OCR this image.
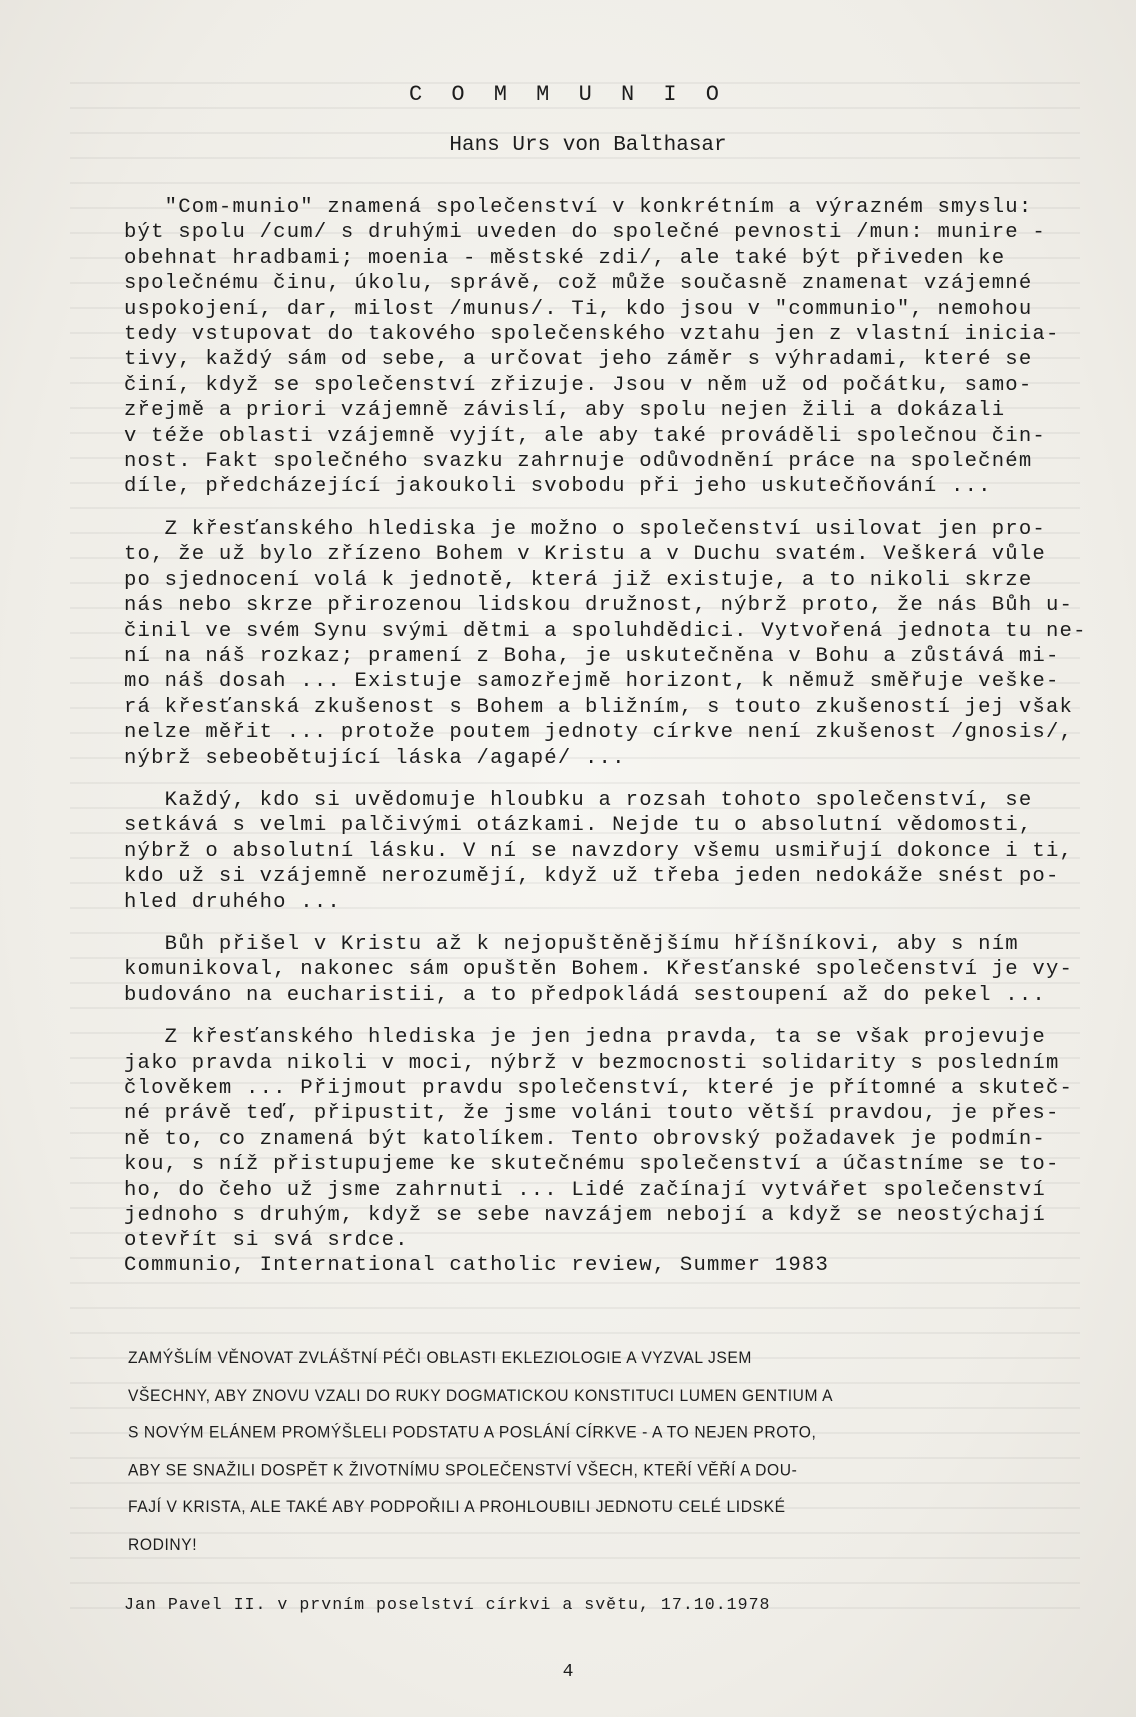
C O M M U N I O
Hans Urs von Balthasar
"Com-munio" znamená společenství v konkrétním a výrazném smyslu:
být spolu /cum/ s druhými uveden do společné pevnosti /mun: munire -
obehnat hradbami; moenia - městské zdi/, ale také být přiveden ke
společnému činu, úkolu, správě, což může současně znamenat vzájemné
uspokojení, dar, milost /munus/. Ti, kdo jsou v "communio", nemohou
tedy vstupovat do takového společenského vztahu jen z vlastní inicia-
tivy, každý sám od sebe, a určovat jeho záměr s výhradami, které se
činí, když se společenství zřizuje. Jsou v něm už od počátku, samo-
zřejmě a priori vzájemně závislí, aby spolu nejen žili a dokázali
v téže oblasti vzájemně vyjít, ale aby také prováděli společnou čin-
nost. Fakt společného svazku zahrnuje odůvodnění práce na společném
díle, předcházející jakoukoli svobodu při jeho uskutečňování ...
Z křesťanského hlediska je možno o společenství usilovat jen pro-
to, že už bylo zřízeno Bohem v Kristu a v Duchu svatém. Veškerá vůle
po sjednocení volá k jednotě, která již existuje, a to nikoli skrze
nás nebo skrze přirozenou lidskou družnost, nýbrž proto, že nás Bůh u-
činil ve svém Synu svými dětmi a spoluhdědici. Vytvořená jednota tu ne-
ní na náš rozkaz; pramení z Boha, je uskutečněna v Bohu a zůstává mi-
mo náš dosah ... Existuje samozřejmě horizont, k němuž směřuje veške-
rá křesťanská zkušenost s Bohem a bližním, s touto zkušeností jej však
nelze měřit ... protože poutem jednoty církve není zkušenost /gnosis/,
nýbrž sebeobětující láska /agapé/ ...
Každý, kdo si uvědomuje hloubku a rozsah tohoto společenství, se
setkává s velmi palčivými otázkami. Nejde tu o absolutní vědomosti,
nýbrž o absolutní lásku. V ní se navzdory všemu usmiřují dokonce i ti,
kdo už si vzájemně nerozumějí, když už třeba jeden nedokáže snést po-
hled druhého ...
Bůh přišel v Kristu až k nejopuštěnějšímu hříšníkovi, aby s ním
komunikoval, nakonec sám opuštěn Bohem. Křesťanské společenství je vy-
budováno na eucharistii, a to předpokládá sestoupení až do pekel ...
Z křesťanského hlediska je jen jedna pravda, ta se však projevuje
jako pravda nikoli v moci, nýbrž v bezmocnosti solidarity s posledním
člověkem ... Přijmout pravdu společenství, které je přítomné a skuteč-
né právě teď, připustit, že jsme voláni touto větší pravdou, je přes-
ně to, co znamená být katolíkem. Tento obrovský požadavek je podmín-
kou, s níž přistupujeme ke skutečnému společenství a účastníme se to-
ho, do čeho už jsme zahrnuti ... Lidé začínají vytvářet společenství
jednoho s druhým, když se sebe navzájem nebojí a když se neostýchají
otevřít si svá srdce.
Communio, International catholic review, Summer 1983
ZAMÝŠLÍM VĚNOVAT ZVLÁŠTNÍ PÉČI OBLASTI EKLEZIOLOGIE A VYZVAL JSEM
VŠECHNY, ABY ZNOVU VZALI DO RUKY DOGMATICKOU KONSTITUCI LUMEN GENTIUM A
S NOVÝM ELÁNEM PROMÝŠLELI PODSTATU A POSLÁNÍ CÍRKVE - A TO NEJEN PROTO,
ABY SE SNAŽILI DOSPĚT K ŽIVOTNÍMU SPOLEČENSTVÍ VŠECH, KTEŘÍ VĚŘÍ A DOU-
FAJÍ V KRISTA, ALE TAKÉ ABY PODPOŘILI A PROHLOUBILI JEDNOTU CELÉ LIDSKÉ
RODINY!
Jan Pavel II. v prvním poselství církvi a světu, 17.10.1978
4
